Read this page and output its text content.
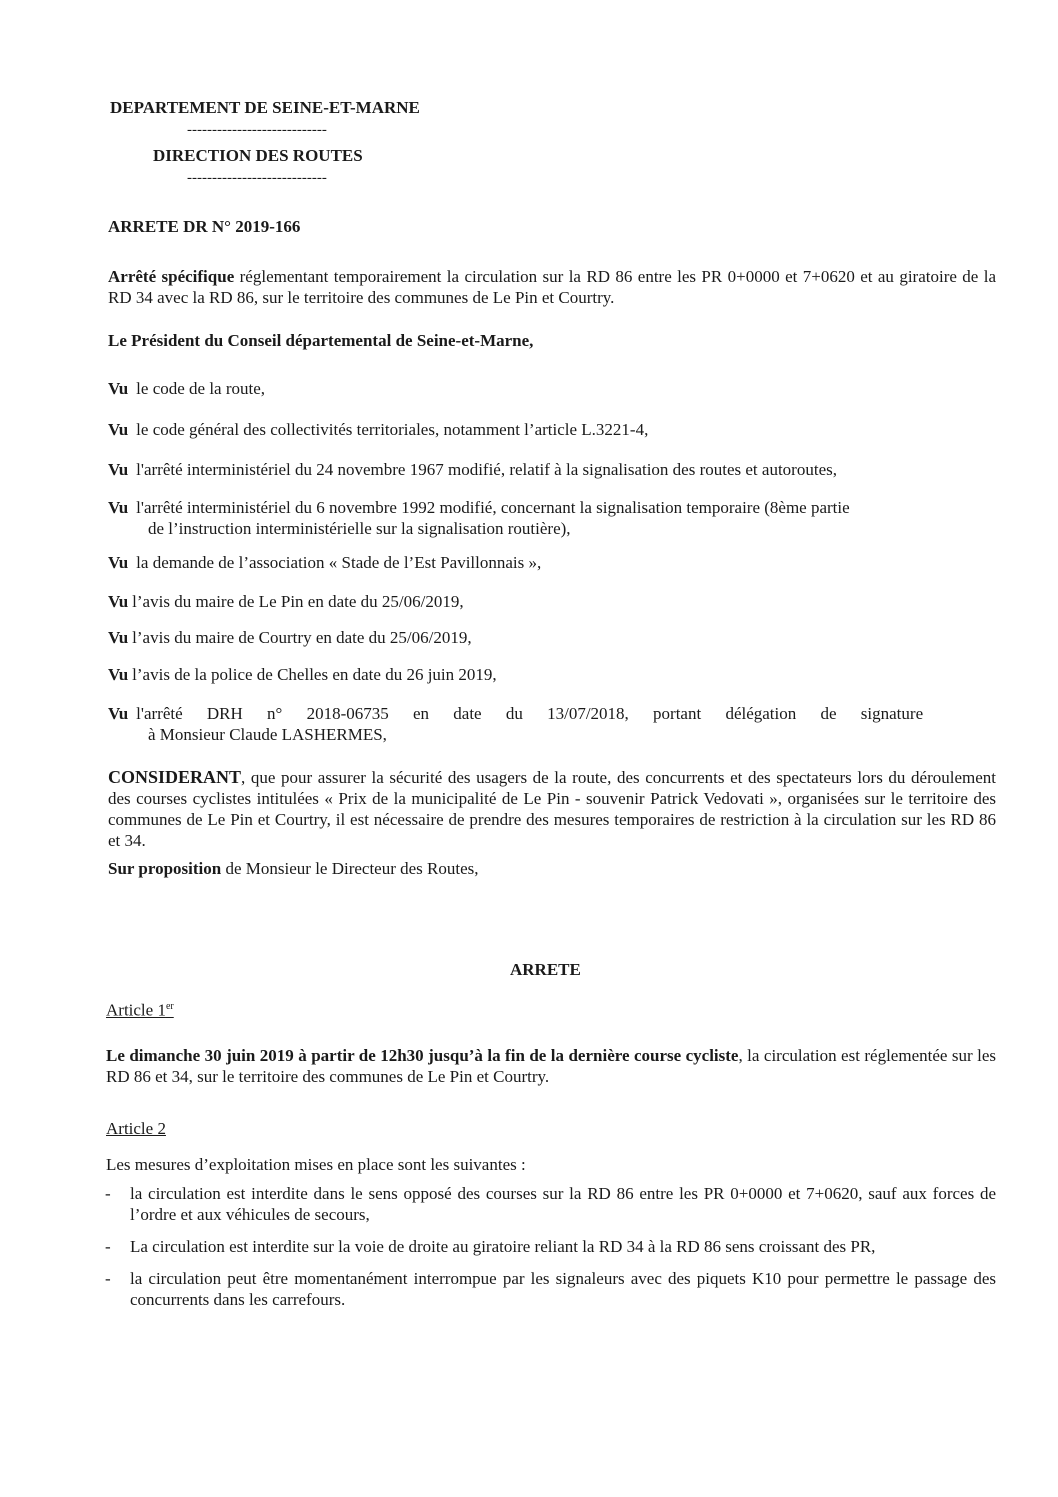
DEPARTEMENT DE SEINE-ET-MARNE
----------------------------
DIRECTION DES ROUTES
----------------------------
ARRETE DR N° 2019-166
Arrêté spécifique réglementant temporairement la circulation sur la RD 86 entre les PR 0+0000 et 7+0620 et au giratoire de la RD 34 avec la RD 86, sur le territoire des communes de Le Pin et Courtry.
Le Président du Conseil départemental de Seine-et-Marne,
Vu le code de la route,
Vu le code général des collectivités territoriales, notamment l’article L.3221-4,
Vu l'arrêté interministériel du 24 novembre 1967 modifié, relatif à la signalisation des routes et autoroutes,
Vu l'arrêté interministériel du 6 novembre 1992 modifié, concernant la signalisation temporaire (8ème partie
de l’instruction interministérielle sur la signalisation routière),
Vu la demande de l’association « Stade de l’Est Pavillonnais »,
Vu l’avis du maire de Le Pin en date du 25/06/2019,
Vu l’avis du maire de Courtry en date du 25/06/2019,
Vu l’avis de la police de Chelles en date du 26 juin 2019,
Vu l'arrêté DRH n° 2018-06735 en date du 13/07/2018, portant délégation de signature
à Monsieur Claude LASHERMES,
CONSIDERANT, que pour assurer la sécurité des usagers de la route, des concurrents et des spectateurs lors du déroulement des courses cyclistes intitulées « Prix de la municipalité de Le Pin - souvenir Patrick Vedovati », organisées sur le territoire des communes de Le Pin et Courtry, il est nécessaire de prendre des mesures temporaires de restriction à la circulation sur les RD 86 et 34.
Sur proposition de Monsieur le Directeur des Routes,
ARRETE
Article 1er
Le dimanche 30 juin 2019 à partir de 12h30 jusqu’à la fin de la dernière course cycliste, la circulation est réglementée sur les RD 86 et 34, sur le territoire des communes de Le Pin et Courtry.
Article 2
Les mesures d’exploitation mises en place sont les suivantes :
- la circulation est interdite dans le sens opposé des courses sur la RD 86 entre les PR 0+0000 et 7+0620, sauf aux forces de l’ordre et aux véhicules de secours,
- La circulation est interdite sur la voie de droite au giratoire reliant la RD 34 à la RD 86 sens croissant des PR,
- la circulation peut être momentanément interrompue par les signaleurs avec des piquets K10 pour permettre le passage des concurrents dans les carrefours.
